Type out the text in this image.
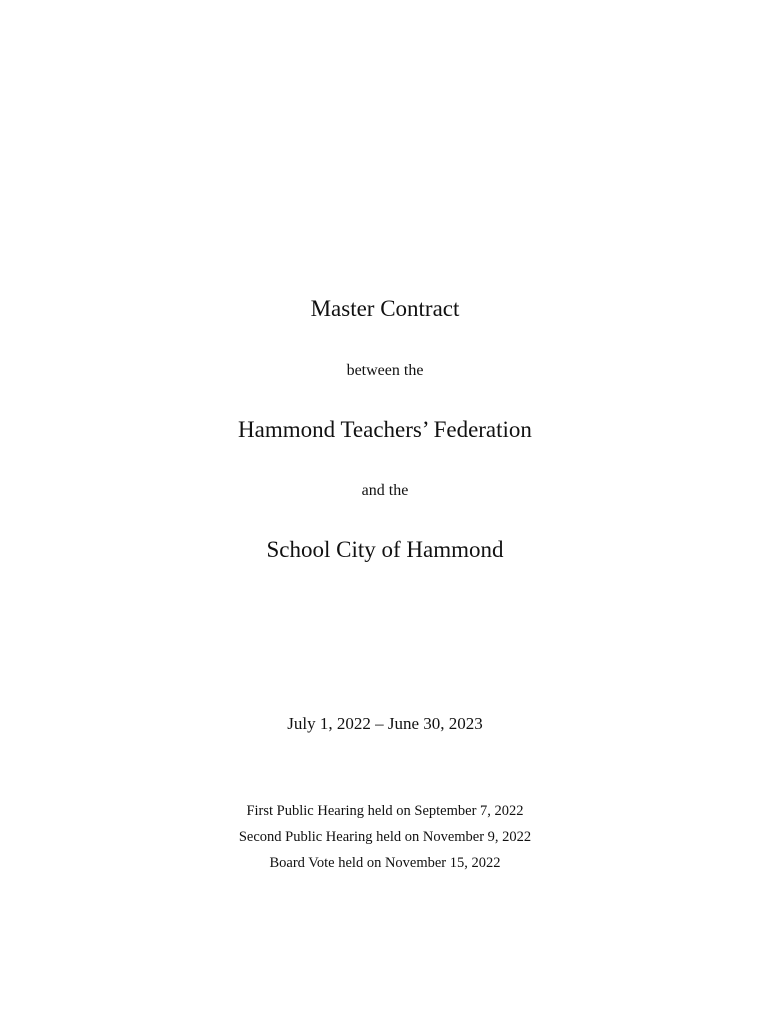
Master Contract
between the
Hammond Teachers’ Federation
and the
School City of Hammond
July 1, 2022 – June 30, 2023
First Public Hearing held on September 7, 2022
Second Public Hearing held on November 9, 2022
Board Vote held on November 15, 2022
